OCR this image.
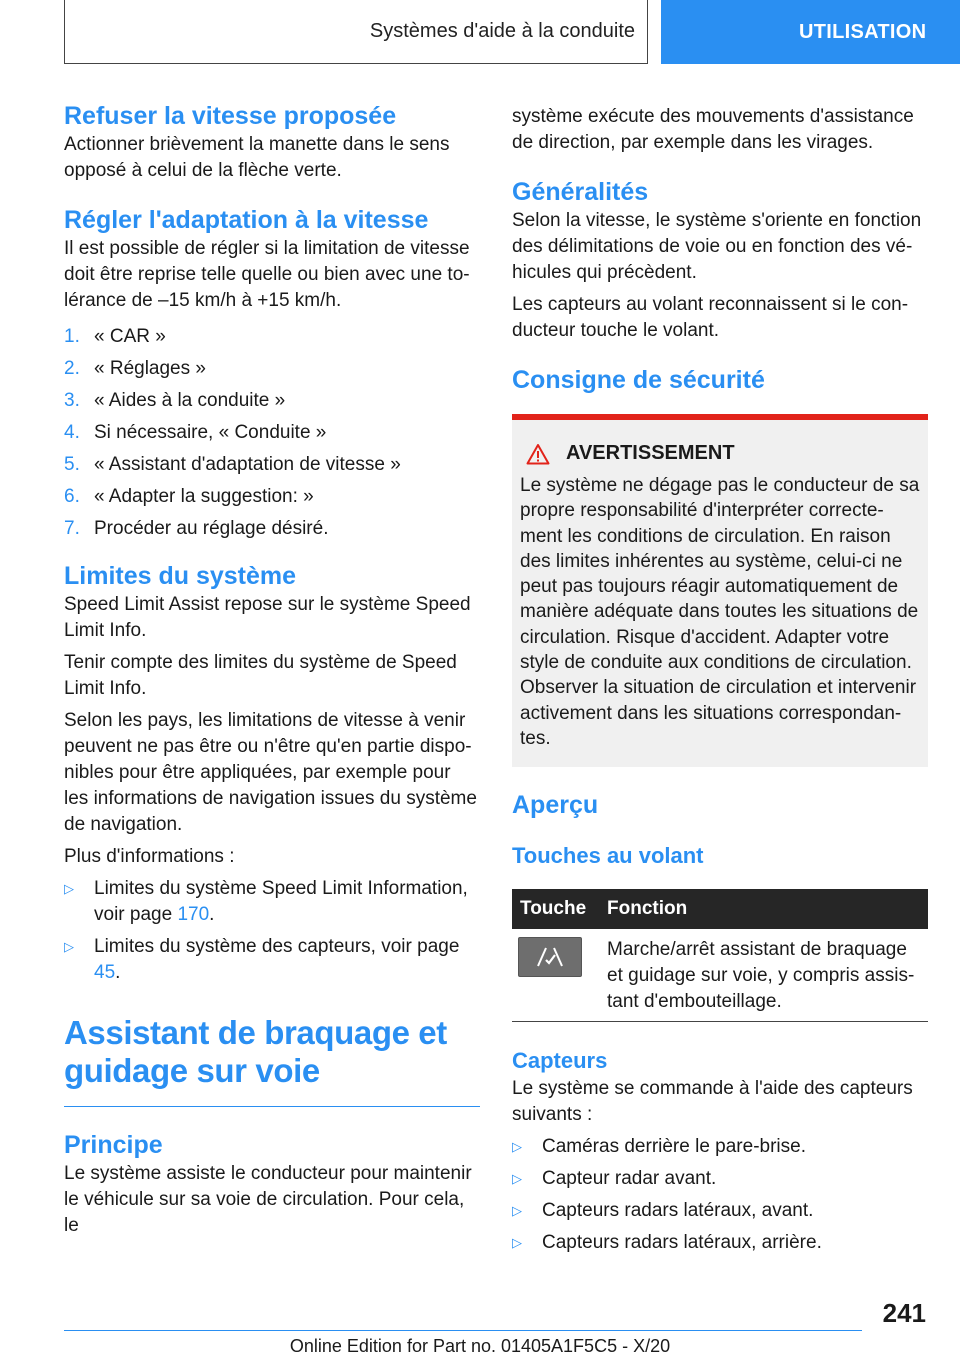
Systèmes d'aide à la conduite	UTILISATION
Refuser la vitesse proposée

Actionner brièvement la manette dans le sens opposé à celui de la flèche verte.

Régler l'adaptation à la vitesse

Il est possible de régler si la limitation de vitesse doit être reprise telle quelle ou bien avec une to‐lérance de –15 km/h à +15 km/h.

1. « CAR »
2. « Réglages »
3. « Aides à la conduite »
4. Si nécessaire, « Conduite »
5. « Assistant d'adaptation de vitesse »
6. « Adapter la suggestion: »
7. Procéder au réglage désiré.
Limites du système

Speed Limit Assist repose sur le système Speed Limit Info.

Tenir compte des limites du système de Speed Limit Info.

Selon les pays, les limitations de vitesse à venir peuvent ne pas être ou n'être qu'en partie dispo‐nibles pour être appliquées, par exemple pour les informations de navigation issues du système de navigation.

Plus d'informations :

▷	Limites du système Speed Limit Information, voir page 170.
▷	Limites du système des capteurs, voir page 45.
Assistant de braquage et guidage sur voie
Principe

Le système assiste le conducteur pour maintenir le véhicule sur sa voie de circulation. Pour cela, le

système exécute des mouvements d'assistance de direction, par exemple dans les virages.

Généralités

Selon la vitesse, le système s'oriente en fonction des délimitations de voie ou en fonction des vé‐hicules qui précèdent.

Les capteurs au volant reconnaissent si le con‐ducteur touche le volant.

Consigne de sécurité
AVERTISSEMENT

Le système ne dégage pas le conducteur de sa propre responsabilité d'interpréter correcte‐ment les conditions de circulation. En raison des limites inhérentes au système, celui-ci ne peut pas toujours réagir automatiquement de manière adéquate dans toutes les situations de circulation. Risque d'accident. Adapter votre style de conduite aux conditions de circulation. Observer la situation de circulation et intervenir activement dans les situations correspondan‐tes.

Aperçu
Touches au volant
Touche	Fonction

	Marche/arrêt assistant de braquage et guidage sur voie, y compris assis‐tant d'embouteillage.
Capteurs

Le système se commande à l'aide des capteurs suivants :

▷	Caméras derrière le pare-brise.
▷	Capteur radar avant.
▷	Capteurs radars latéraux, avant.
▷	Capteurs radars latéraux, arrière.
241
Online Edition for Part no. 01405A1F5C5 - X/20
